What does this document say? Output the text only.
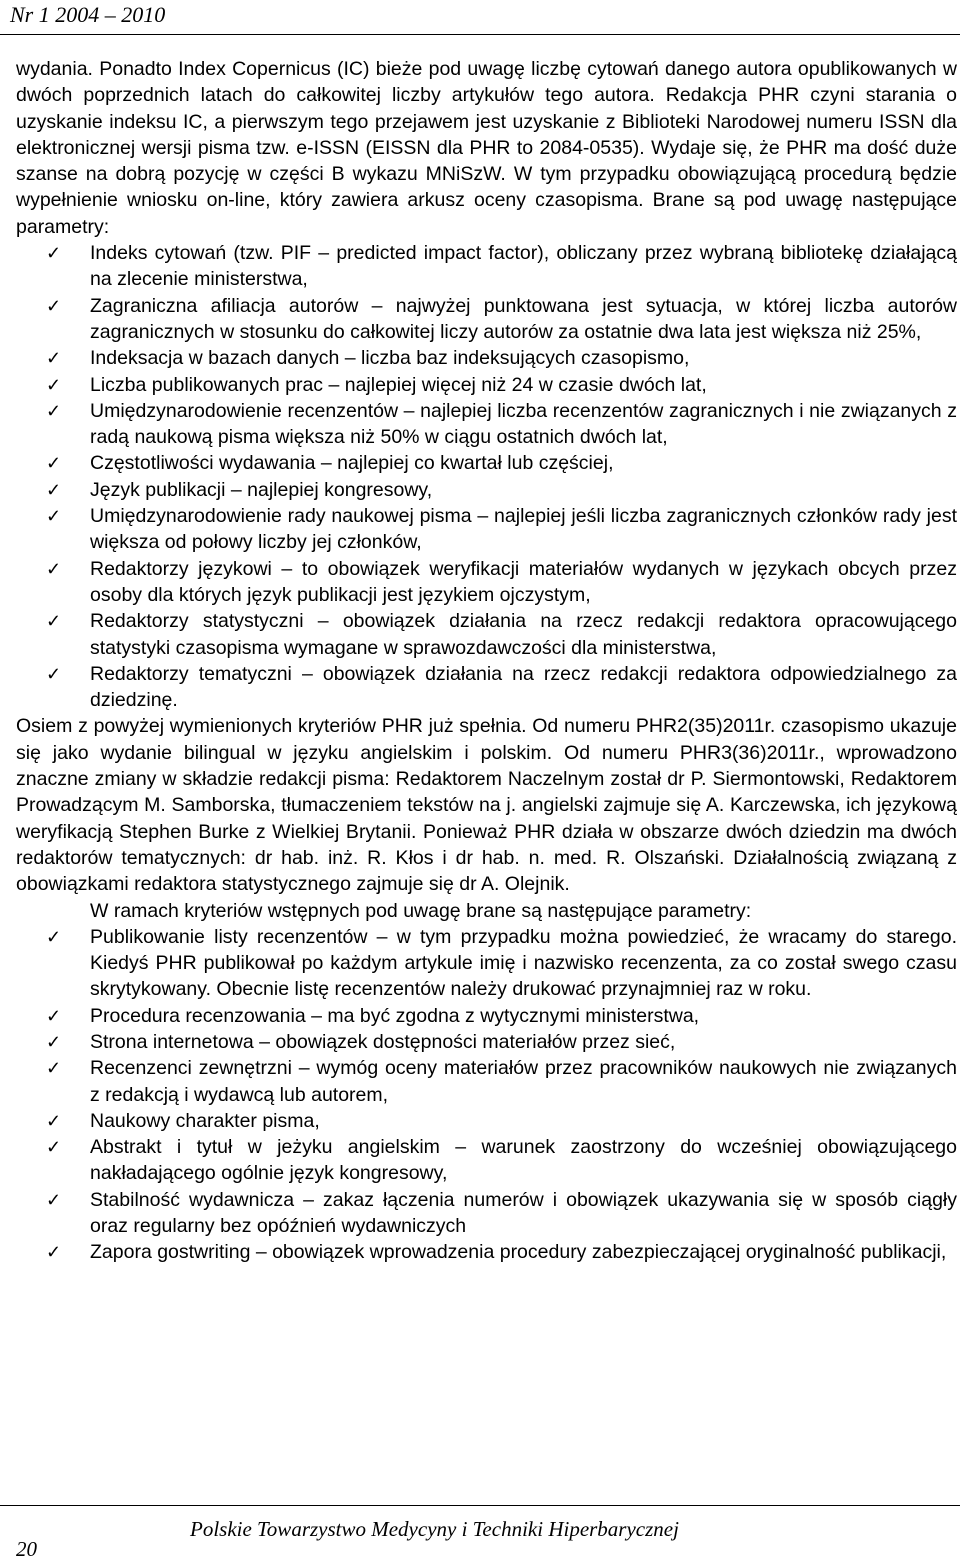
Nr 1 2004 – 2010

wydania. Ponadto Index Copernicus (IC) bieże pod uwagę liczbę cytowań danego autora opublikowanych w dwóch poprzednich latach do całkowitej liczby artykułów tego autora. Redakcja PHR czyni starania o uzyskanie indeksu IC, a pierwszym tego przejawem jest uzyskanie z Biblioteki Narodowej numeru ISSN dla elektronicznej wersji pisma tzw. e-ISSN (EISSN dla PHR to 2084-0535). Wydaje się, że PHR ma dość duże szanse na dobrą pozycję w części B wykazu MNiSzW. W tym przypadku obowiązującą procedurą będzie wypełnienie wniosku on-line, który zawiera arkusz oceny czasopisma. Brane są pod uwagę następujące parametry:

✓ Indeks cytowań (tzw. PIF – predicted impact factor), obliczany przez wybraną bibliotekę działającą na zlecenie ministerstwa,
✓ Zagraniczna afiliacja autorów – najwyżej punktowana jest sytuacja, w której liczba autorów zagranicznych w stosunku do całkowitej liczy autorów za ostatnie dwa lata jest większa niż 25%,
✓ Indeksacja w bazach danych – liczba baz indeksujących czasopismo,
✓ Liczba publikowanych prac – najlepiej więcej niż 24 w czasie dwóch lat,
✓ Umiędzynarodowienie recenzentów – najlepiej liczba recenzentów zagranicznych i nie związanych z radą naukową pisma większa niż 50% w ciągu ostatnich dwóch lat,
✓ Częstotliwości wydawania – najlepiej co kwartał lub częściej,
✓ Język publikacji – najlepiej kongresowy,
✓ Umiędzynarodowienie rady naukowej pisma – najlepiej jeśli liczba zagranicznych członków rady jest większa od połowy liczby jej członków,
✓ Redaktorzy językowi – to obowiązek weryfikacji materiałów wydanych w językach obcych przez osoby dla których język publikacji jest językiem ojczystym,
✓ Redaktorzy statystyczni – obowiązek działania na rzecz redakcji redaktora opracowującego statystyki czasopisma wymagane w sprawozdawczości dla ministerstwa,
✓ Redaktorzy tematyczni – obowiązek działania na rzecz redakcji redaktora odpowiedzialnego za dziedzinę.

Osiem z powyżej wymienionych kryteriów PHR już spełnia. Od numeru PHR2(35)2011r. czasopismo ukazuje się jako wydanie bilingual w języku angielskim i polskim. Od numeru PHR3(36)2011r., wprowadzono znaczne zmiany w składzie redakcji pisma: Redaktorem Naczelnym został dr P. Siermontowski, Redaktorem Prowadzącym M. Samborska, tłumaczeniem tekstów na j. angielski zajmuje się A. Karczewska, ich językową weryfikacją Stephen Burke z Wielkiej Brytanii. Ponieważ PHR działa w obszarze dwóch dziedzin ma dwóch redaktorów tematycznych: dr hab. inż. R. Kłos i dr hab. n. med. R. Olszański. Działalnością związaną z obowiązkami redaktora statystycznego zajmuje się dr A. Olejnik.

W ramach kryteriów wstępnych pod uwagę brane są następujące parametry:

✓ Publikowanie listy recenzentów – w tym przypadku można powiedzieć, że wracamy do starego. Kiedyś PHR publikował po każdym artykule imię i nazwisko recenzenta, za co został swego czasu skrytykowany. Obecnie listę recenzentów należy drukować przynajmniej raz w roku.
✓ Procedura recenzowania – ma być zgodna z wytycznymi ministerstwa,
✓ Strona internetowa – obowiązek dostępności materiałów przez sieć,
✓ Recenzenci zewnętrzni – wymóg oceny materiałów przez pracowników naukowych nie związanych z redakcją i wydawcą lub autorem,
✓ Naukowy charakter pisma,
✓ Abstrakt i tytuł w jeżyku angielskim – warunek zaostrzony do wcześniej obowiązującego nakładającego ogólnie język kongresowy,
✓ Stabilność wydawnicza – zakaz łączenia numerów i obowiązek ukazywania się w sposób ciągły oraz regularny bez opóźnień wydawniczych
✓ Zapora gostwriting – obowiązek wprowadzenia procedury zabezpieczającej oryginalność publikacji,
Polskie Towarzystwo Medycyny i Techniki Hiperbarycznej
20
